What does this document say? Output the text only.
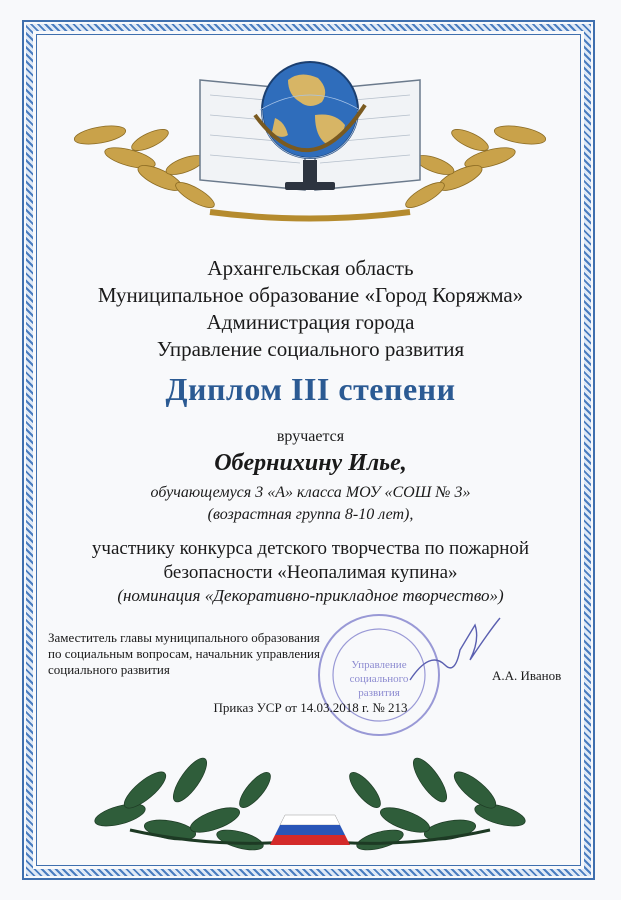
Архангельская область
Муниципальное образование «Город Коряжма»
Администрация города
Управление социального развития
Диплом III степени
вручается
Обернихину Илье,
обучающемуся 3 «А» класса МОУ «СОШ № 3»
(возрастная группа 8-10 лет),
участнику конкурса детского творчества по пожарной
безопасности «Неопалимая купина»
(номинация «Декоративно-прикладное творчество»)
Управление
социального
развития
Заместитель главы муниципального образования
по социальным вопросам, начальник управления
социального развития	А.А. Иванов
Приказ УСР от 14.03.2018 г. № 213
